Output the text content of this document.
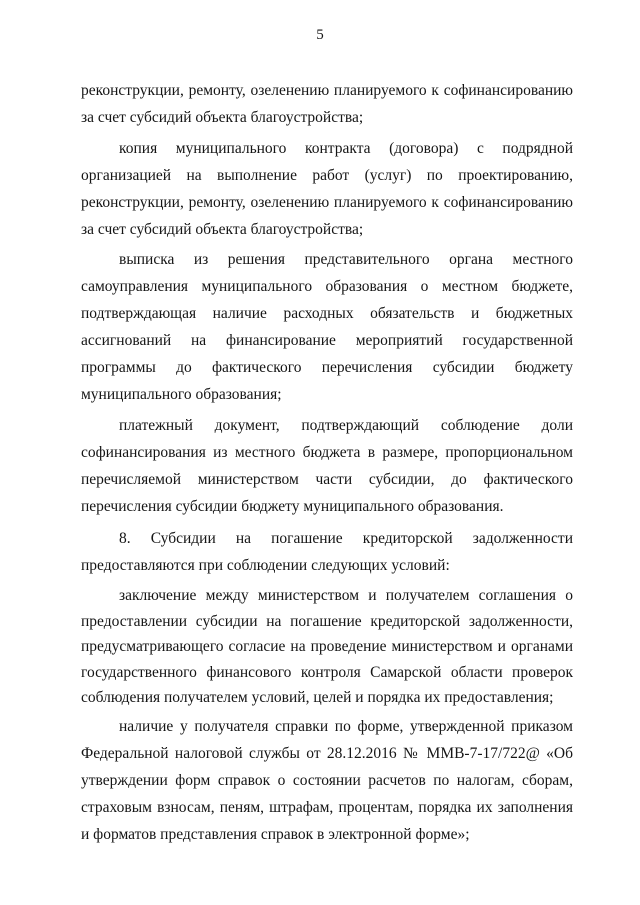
5

реконструкции, ремонту, озеленению планируемого к софинансированию за счет субсидий объекта благоустройства;

копия муниципального контракта (договора) с подрядной организацией на выполнение работ (услуг) по проектированию, реконструкции, ремонту, озеленению планируемого к софинансированию за счет субсидий объекта благоустройства;

выписка из решения представительного органа местного самоуправления муниципального образования о местном бюджете, подтверждающая наличие расходных обязательств и бюджетных ассигнований на финансирование мероприятий государственной программы до фактического перечисления субсидии бюджету муниципального образования;

платежный документ, подтверждающий соблюдение доли софинансирования из местного бюджета в размере, пропорциональном перечисляемой министерством части субсидии, до фактического перечисления субсидии бюджету муниципального образования.

8. Субсидии на погашение кредиторской задолженности предоставляются при соблюдении следующих условий:

заключение между министерством и получателем соглашения о предоставлении субсидии на погашение кредиторской задолженности, предусматривающего согласие на проведение министерством и органами государственного финансового контроля Самарской области проверок соблюдения получателем условий, целей и порядка их предоставления;

наличие у получателя справки по форме, утвержденной приказом Федеральной налоговой службы от 28.12.2016 № ММВ-7-17/722@ «Об утверждении форм справок о состоянии расчетов по налогам, сборам, страховым взносам, пеням, штрафам, процентам, порядка их заполнения и форматов представления справок в электронной форме»;
